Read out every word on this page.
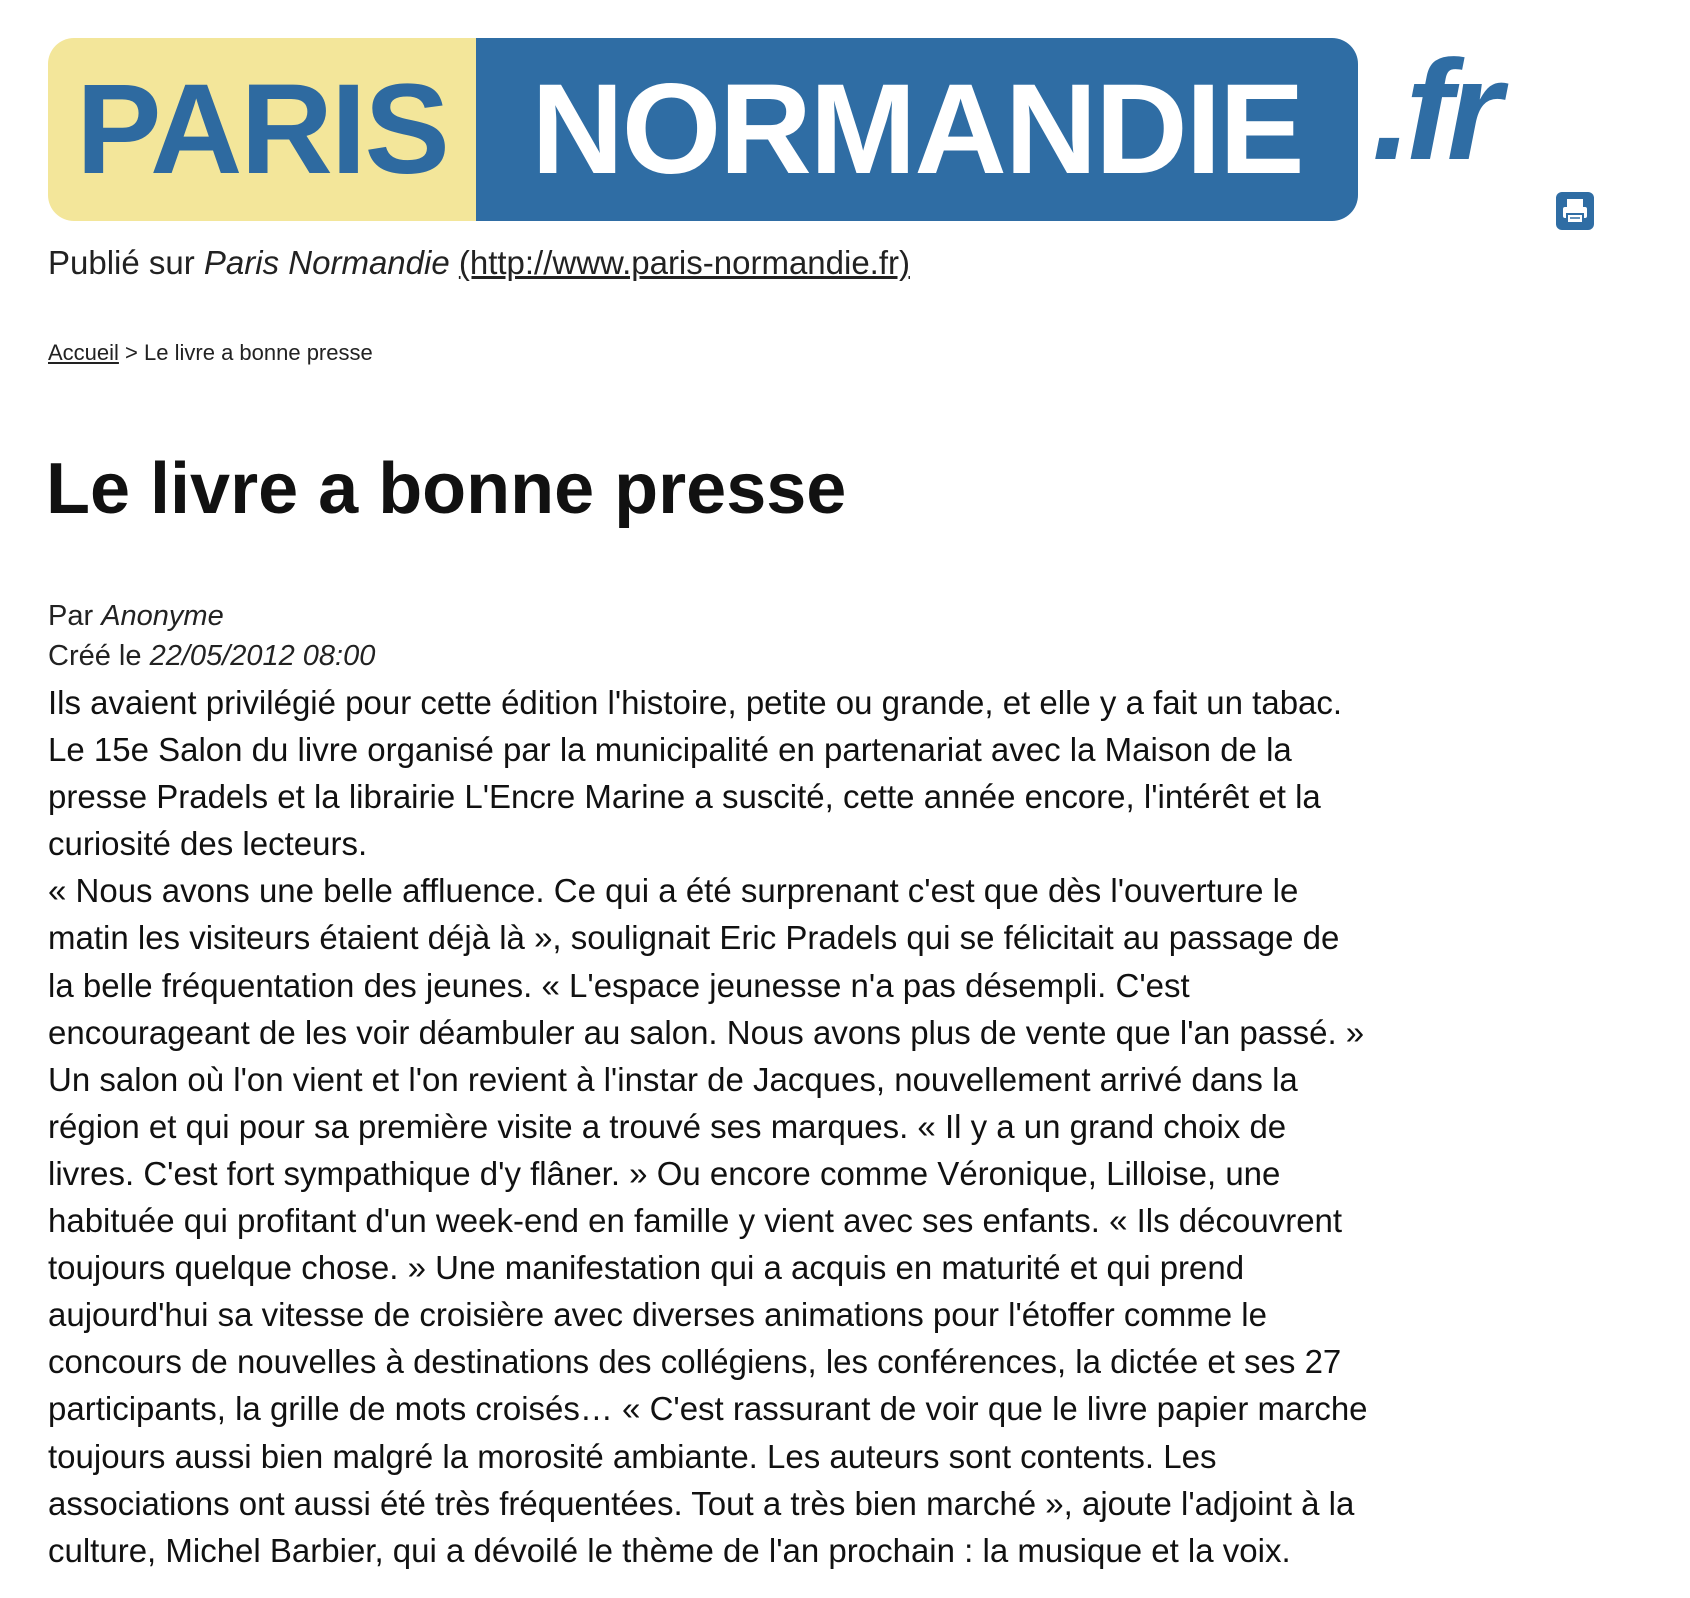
PARIS NORMANDIE .fr
Publié sur Paris Normandie (http://www.paris-normandie.fr)
Accueil > Le livre a bonne presse
Le livre a bonne presse
Par Anonyme
Créé le 22/05/2012 08:00

Ils avaient privilégié pour cette édition l'histoire, petite ou grande, et elle y a fait un tabac.

Le 15e Salon du livre organisé par la municipalité en partenariat avec la Maison de la

presse Pradels et la librairie L'Encre Marine a suscité, cette année encore, l'intérêt et la

curiosité des lecteurs.

« Nous avons une belle affluence. Ce qui a été surprenant c'est que dès l'ouverture le

matin les visiteurs étaient déjà là », soulignait Eric Pradels qui se félicitait au passage de

la belle fréquentation des jeunes. « L'espace jeunesse n'a pas désempli. C'est

encourageant de les voir déambuler au salon. Nous avons plus de vente que l'an passé. »

Un salon où l'on vient et l'on revient à l'instar de Jacques, nouvellement arrivé dans la

région et qui pour sa première visite a trouvé ses marques. « Il y a un grand choix de

livres. C'est fort sympathique d'y flâner. » Ou encore comme Véronique, Lilloise, une

habituée qui profitant d'un week-end en famille y vient avec ses enfants. « Ils découvrent

toujours quelque chose. » Une manifestation qui a acquis en maturité et qui prend

aujourd'hui sa vitesse de croisière avec diverses animations pour l'étoffer comme le

concours de nouvelles à destinations des collégiens, les conférences, la dictée et ses 27

participants, la grille de mots croisés… « C'est rassurant de voir que le livre papier marche

toujours aussi bien malgré la morosité ambiante. Les auteurs sont contents. Les

associations ont aussi été très fréquentées. Tout a très bien marché », ajoute l'adjoint à la

culture, Michel Barbier, qui a dévoilé le thème de l'an prochain : la musique et la voix.
